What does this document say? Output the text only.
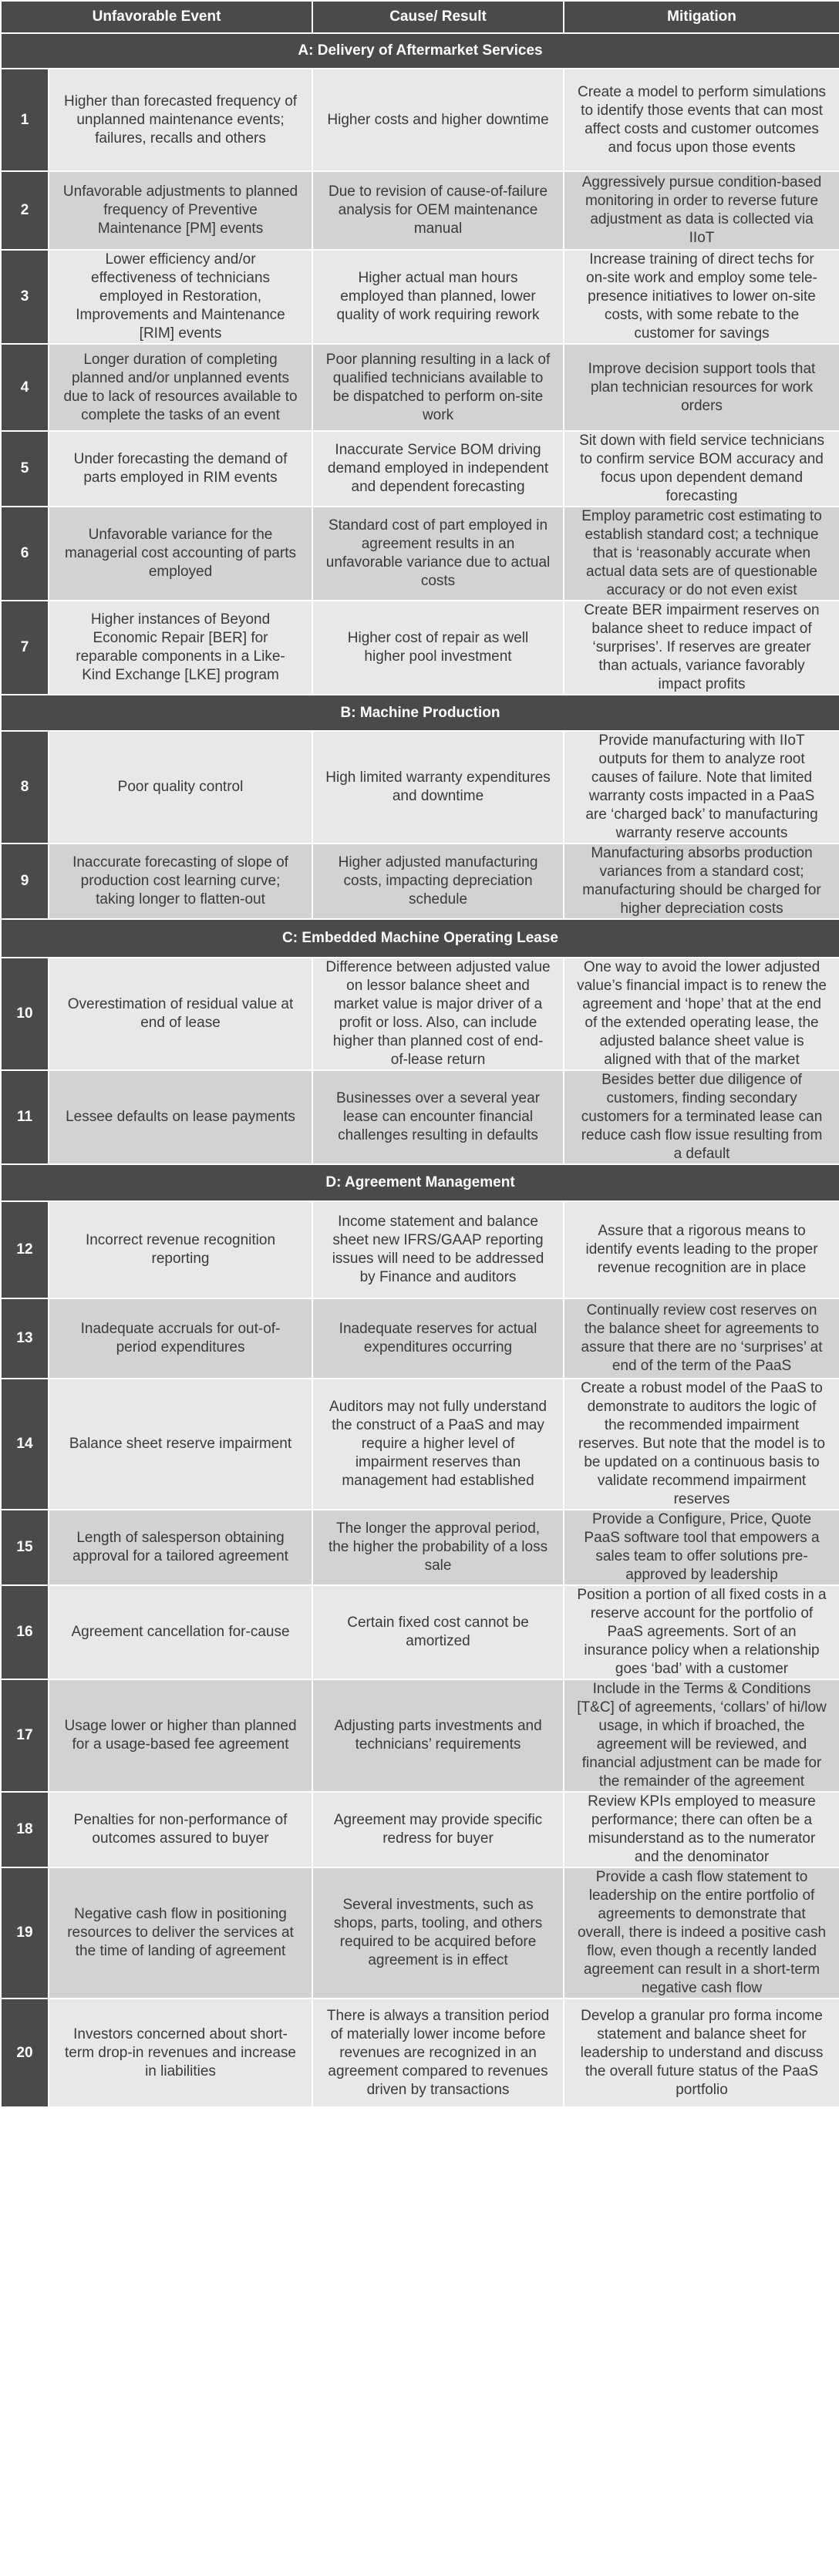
Unfavorable Event		Cause/ Result	Mitigation
A: Delivery of Aftermarket Services			
1	Higher than forecasted frequency of unplanned maintenance events; failures, recalls and others	Higher costs and higher downtime	Create a model to perform simulations to identify those events that can most affect costs and customer outcomes and focus upon those events
2	Unfavorable adjustments to planned frequency of Preventive Maintenance [PM] events	Due to revision of cause-of-failure analysis for OEM maintenance manual	Aggressively pursue condition-based monitoring in order to reverse future adjustment as data is collected via IIoT
3	Lower efficiency and/or effectiveness of technicians employed in Restoration, Improvements and Maintenance [RIM] events	Higher actual man hours employed than planned, lower quality of work requiring rework	Increase training of direct techs for on-site work and employ some tele-presence initiatives to lower on-site costs, with some rebate to the customer for savings
4	Longer duration of completing planned and/or unplanned events due to lack of resources available to complete the tasks of an event	Poor planning resulting in a lack of qualified technicians available to be dispatched to perform on-site work	Improve decision support tools that plan technician resources for work orders
5	Under forecasting the demand of parts employed in RIM events	Inaccurate Service BOM driving demand employed in independent and dependent forecasting	Sit down with field service technicians to confirm service BOM accuracy and focus upon dependent demand forecasting
6	Unfavorable variance for the managerial cost accounting of parts employed	Standard cost of part employed in agreement results in an unfavorable variance due to actual costs	Employ parametric cost estimating to establish standard cost; a technique that is ‘reasonably accurate when actual data sets are of questionable accuracy or do not even exist
7	Higher instances of Beyond Economic Repair [BER] for reparable components in a Like-Kind Exchange [LKE] program	Higher cost of repair as well higher pool investment	Create BER impairment reserves on balance sheet to reduce impact of ‘surprises’. If reserves are greater than actuals, variance favorably impact profits
B: Machine Production			
8	Poor quality control	High limited warranty expenditures and downtime	Provide manufacturing with IIoT outputs for them to analyze root causes of failure. Note that limited warranty costs impacted in a PaaS are ‘charged back’ to manufacturing warranty reserve accounts
9	Inaccurate forecasting of slope of production cost learning curve; taking longer to flatten-out	Higher adjusted manufacturing costs, impacting depreciation schedule	Manufacturing absorbs production variances from a standard cost; manufacturing should be charged for higher depreciation costs
C: Embedded Machine Operating Lease			
10	Overestimation of residual value at end of lease	Difference between adjusted value on lessor balance sheet and market value is major driver of a profit or loss. Also, can include higher than planned cost of end-of-lease return	One way to avoid the lower adjusted value’s financial impact is to renew the agreement and ‘hope’ that at the end of the extended operating lease, the adjusted balance sheet value is aligned with that of the market
11	Lessee defaults on lease payments	Businesses over a several year lease can encounter financial challenges resulting in defaults	Besides better due diligence of customers, finding secondary customers for a terminated lease can reduce cash flow issue resulting from a default
D: Agreement Management			
12	Incorrect revenue recognition reporting	Income statement and balance sheet new IFRS/GAAP reporting issues will need to be addressed by Finance and auditors	Assure that a rigorous means to identify events leading to the proper revenue recognition are in place
13	Inadequate accruals for out-of-period expenditures	Inadequate reserves for actual expenditures occurring	Continually review cost reserves on the balance sheet for agreements to assure that there are no ‘surprises’ at end of the term of the PaaS
14	Balance sheet reserve impairment	Auditors may not fully understand the construct of a PaaS and may require a higher level of impairment reserves than management had established	Create a robust model of the PaaS to demonstrate to auditors the logic of the recommended impairment reserves. But note that the model is to be updated on a continuous basis to validate recommend impairment reserves
15	Length of salesperson obtaining approval for a tailored agreement	The longer the approval period, the higher the probability of a loss sale	Provide a Configure, Price, Quote PaaS software tool that empowers a sales team to offer solutions pre-approved by leadership
16	Agreement cancellation for-cause	Certain fixed cost cannot be amortized	Position a portion of all fixed costs in a reserve account for the portfolio of PaaS agreements. Sort of an insurance policy when a relationship goes ‘bad’ with a customer
17	Usage lower or higher than planned for a usage-based fee agreement	Adjusting parts investments and technicians’ requirements	Include in the Terms & Conditions [T&C] of agreements, ‘collars’ of hi/low usage, in which if broached, the agreement will be reviewed, and financial adjustment can be made for the remainder of the agreement
18	Penalties for non-performance of outcomes assured to buyer	Agreement may provide specific redress for buyer	Review KPIs employed to measure performance; there can often be a misunderstand as to the numerator and the denominator
19	Negative cash flow in positioning resources to deliver the services at the time of landing of agreement	Several investments, such as shops, parts, tooling, and others required to be acquired before agreement is in effect	Provide a cash flow statement to leadership on the entire portfolio of agreements to demonstrate that overall, there is indeed a positive cash flow, even though a recently landed agreement can result in a short-term negative cash flow
20	Investors concerned about short-term drop-in revenues and increase in liabilities	There is always a transition period of materially lower income before revenues are recognized in an agreement compared to revenues driven by transactions	Develop a granular pro forma income statement and balance sheet for leadership to understand and discuss the overall future status of the PaaS portfolio
